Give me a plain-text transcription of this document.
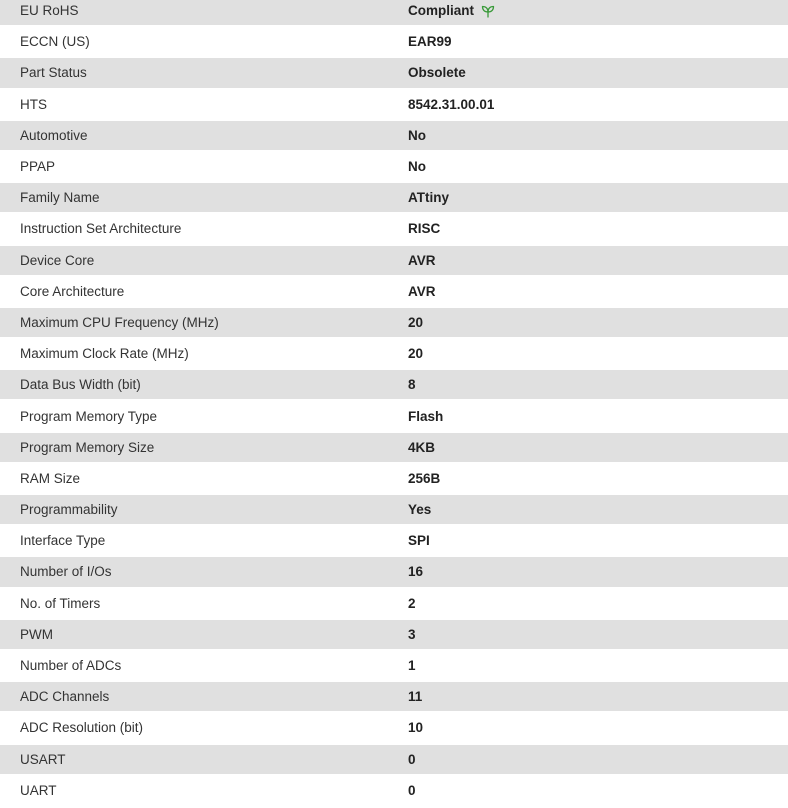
EU RoHS	Compliant
ECCN (US)	EAR99
Part Status	Obsolete
HTS	8542.31.00.01
Automotive	No
PPAP	No
Family Name	ATtiny
Instruction Set Architecture	RISC
Device Core	AVR
Core Architecture	AVR
Maximum CPU Frequency (MHz)	20
Maximum Clock Rate (MHz)	20
Data Bus Width (bit)	8
Program Memory Type	Flash
Program Memory Size	4KB
RAM Size	256B
Programmability	Yes
Interface Type	SPI
Number of I/Os	16
No. of Timers	2
PWM	3
Number of ADCs	1
ADC Channels	11
ADC Resolution (bit)	10
USART	0
UART	0
